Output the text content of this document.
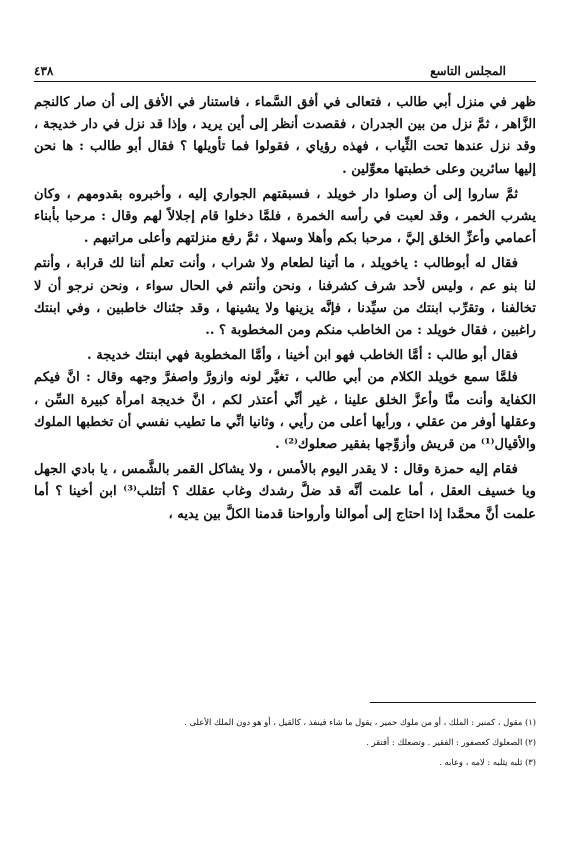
المجلس التاسع
٤٣٨

ظهر في منزل أبي طالب ، فتعالى في أفق السَّماء ، فاستنار في الأفق إلى أن صار كالنجم الزَّاهر ، ثمَّ نزل من بين الجدران ، فقصدت أنظر إلى أين يريد ، وإذا قد نزل في دار خديجة ، وقد نزل عندها تحت الثِّياب ، فهذه رؤياي ، فقولوا فما تأويلها ؟ فقال أبو طالب : ها نحن إليها سائرين وعلى خطبتها معوِّلين .

ثمَّ ساروا إلى أن وصلوا دار خويلد ، فسبقتهم الجواري إليه ، وأخبروه بقدومهم ، وكان يشرب الخمر ، وقد لعبت في رأسه الخمرة ، فلمَّا دخلوا قام إجلالاً لهم وقال : مرحبا بأبناء أعمامي وأعزِّ الخلق إليَّ ، مرحبا بكم وأهلا وسهلا ، ثمَّ رفع منزلتهم وأعلى مراتبهم .

فقال له أبوطالب : ياخويلد ، ما أتينا لطعام ولا شراب ، وأنت تعلم أننا لك قرابة ، وأنتم لنا بنو عم ، وليس لأحد شرف كشرفنا ، ونحن وأنتم في الحال سواء ، ونحن نرجو أن لا تخالفنا ، وتقرِّب ابنتك من سيِّدنا ، فإنَّه يزينها ولا يشينها ، وقد جئناك خاطبين ، وفي ابنتك راغبين ، فقال خويلد : من الخاطب منكم ومن المخطوبة ؟ ..

فقال أبو طالب : أمَّا الخاطب فهو ابن أخينا ، وأمَّا المخطوبة فهي ابنتك خديجة .

فلمَّا سمع خويلد الكلام من أبي طالب ، تغيَّر لونه وازورَّ واصفرَّ وجهه وقال : انَّ فيكم الكفاية وأنت منَّا وأعزَّ الخلق علينا ، غير أنِّي أعتذر لكم ، انَّ خديجة امرأة كبيرة السِّن ، وعقلها أوفر من عقلي ، ورأيها أعلى من رأيي ، وثانيا انِّي ما تطيب نفسي أن تخطبها الملوك والأقيال⁽¹⁾ من قريش وأزوِّجها بفقير صعلوك⁽²⁾ .

فقام إليه حمزة وقال : لا يقدر اليوم بالأمس ، ولا يشاكل القمر بالشَّمس ، يا بادي الجهل ويا خسيف العقل ، أما علمت أنَّه قد ضلَّ رشدك وغاب عقلك ؟ أتثلب⁽³⁾ ابن أخينا ؟ أما علمت أنَّ محمَّدا إذا احتاج إلى أموالنا وأرواحنا قدمنا الكلَّ بين يديه ،

(١) مقول ، كمنبر : الملك ، أو من ملوك حمير ، يقول ما شاء فينفذ ، كالقيل ، أو هو دون الملك الأعلى .

(٢) الصعلوك كعصفور : الفقير . وتصعلك : أفتقر .

(٣) ثلبه يثلبه : لامه ، وعابه .
